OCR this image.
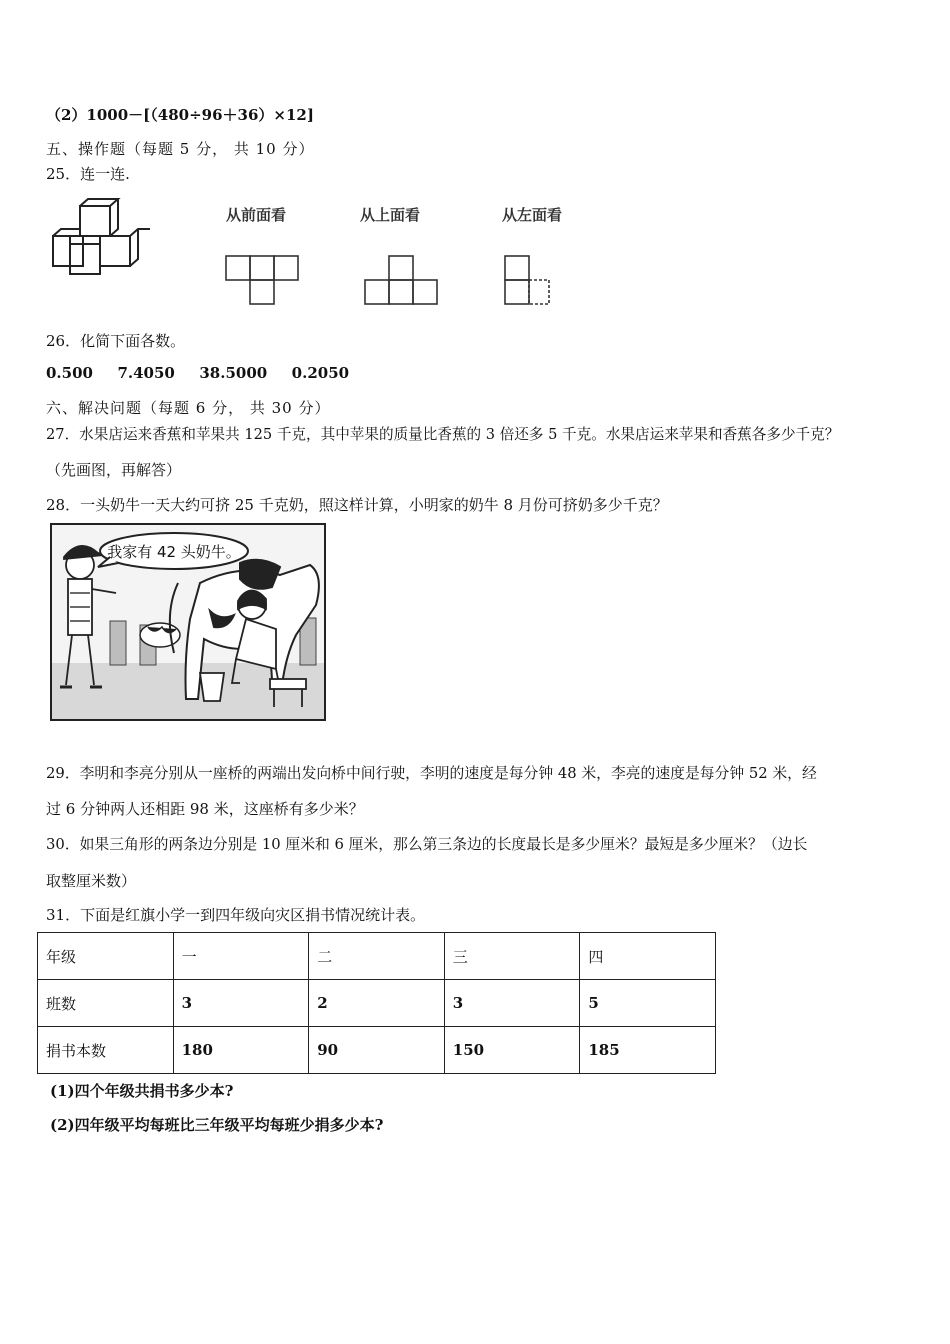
（2）1000－[（480÷96＋36）×12]
五、操作题（每题 5 分， 共 10 分）
25．连一连.
从前面看	从上面看	从左面看
26．化简下面各数。
0.500 7.4050 38.5000 0.2050
六、解决问题（每题 6 分， 共 30 分）
27．水果店运来香蕉和苹果共 125 千克，其中苹果的质量比香蕉的 3 倍还多 5 千克。水果店运来苹果和香蕉各多少千克？
（先画图，再解答）
28．一头奶牛一天大约可挤 25 千克奶，照这样计算，小明家的奶牛 8 月份可挤奶多少千克？
我家有 42 头奶牛。
29．李明和李亮分别从一座桥的两端出发向桥中间行驶，李明的速度是每分钟 48 米，李亮的速度是每分钟 52 米，经
过 6 分钟两人还相距 98 米，这座桥有多少米？
30．如果三角形的两条边分别是 10 厘米和 6 厘米，那么第三条边的长度最长是多少厘米？最短是多少厘米？（边长
取整厘米数）
31．下面是红旗小学一到四年级向灾区捐书情况统计表。
年级	一	二	三	四
班数	3	2	3	5
捐书本数	180	90	150	185
(1)四个年级共捐书多少本?
(2)四年级平均每班比三年级平均每班少捐多少本?
